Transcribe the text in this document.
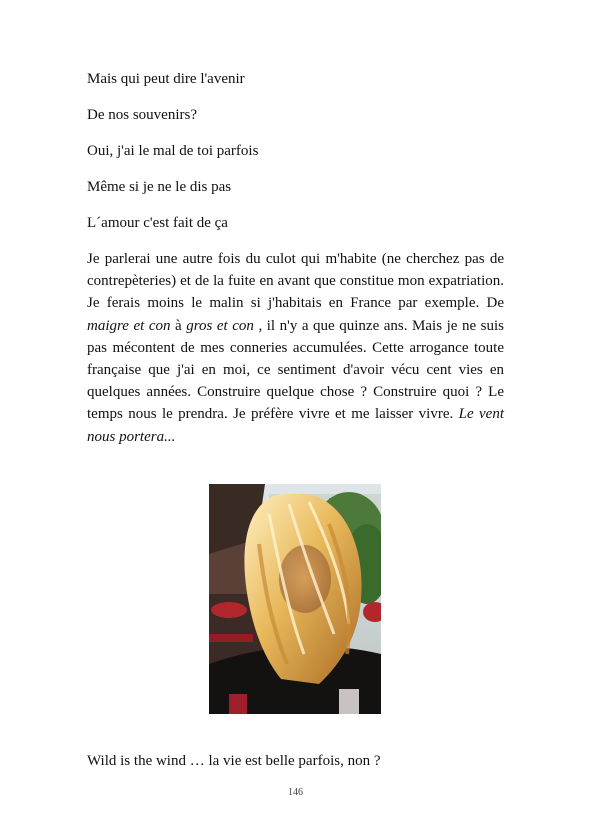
Mais qui peut dire l'avenir
De nos souvenirs?
Oui, j'ai le mal de toi parfois
Même si je ne le dis pas
L´amour c'est fait de ça
Je parlerai une autre fois du culot qui m'habite (ne cherchez pas de contrepèteries) et de la fuite en avant que constitue mon expatriation. Je ferais moins le malin si j'habitais en France par exemple. De maigre et con à gros et con , il n'y a que quinze ans. Mais je ne suis pas mécontent de mes conneries accumulées. Cette arrogance toute française que j'ai en moi, ce sentiment d'avoir vécu cent vies en quelques années. Construire quelque chose ? Construire quoi ? Le temps nous le prendra. Je préfère vivre et me laisser vivre. Le vent nous portera...
Wild is the wind … la vie est belle parfois, non ?
146
